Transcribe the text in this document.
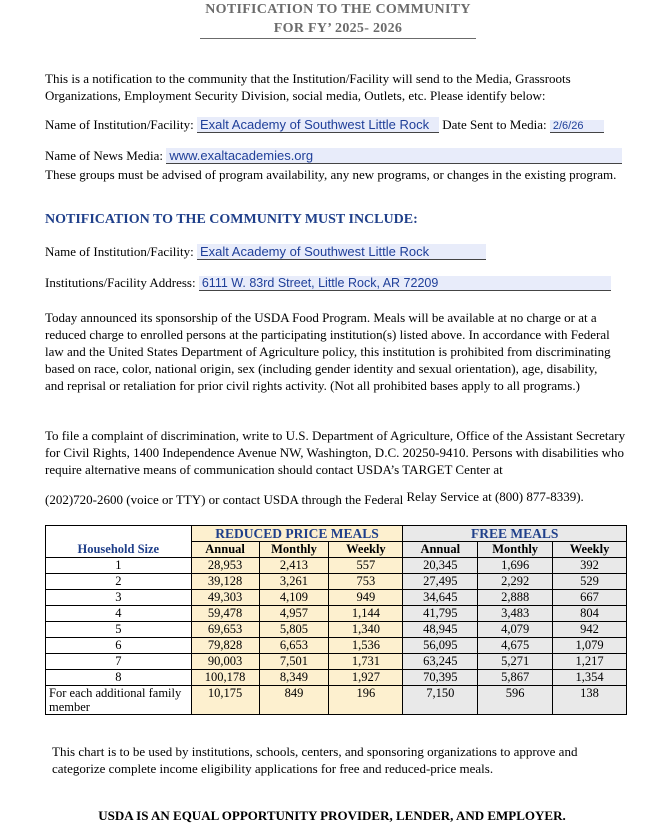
NOTIFICATION TO THE COMMUNITY
FOR FY’ 2025- 2026
This is a notification to the community that the Institution/Facility will send to the Media, Grassroots Organizations, Employment Security Division, social media, Outlets, etc. Please identify below:
Name of Institution/Facility: Exalt Academy of Southwest Little Rock Date Sent to Media: 2/6/26
Name of News Media: www.exaltacademies.org
These groups must be advised of program availability, any new programs, or changes in the existing program.
NOTIFICATION TO THE COMMUNITY MUST INCLUDE:
Name of Institution/Facility: Exalt Academy of Southwest Little Rock
Institutions/Facility Address: 6111 W. 83rd Street, Little Rock, AR 72209
Today announced its sponsorship of the USDA Food Program. Meals will be available at no charge or at a reduced charge to enrolled persons at the participating institution(s) listed above. In accordance with Federal law and the United States Department of Agriculture policy, this institution is prohibited from discriminating based on race, color, national origin, sex (including gender identity and sexual orientation), age, disability, and reprisal or retaliation for prior civil rights activity. (Not all prohibited bases apply to all programs.)
To file a complaint of discrimination, write to U.S. Department of Agriculture, Office of the Assistant Secretary for Civil Rights, 1400 Independence Avenue NW, Washington, D.C. 20250-9410. Persons with disabilities who require alternative means of communication should contact USDA’s TARGET Center at
(202)720-2600 (voice or TTY) or contact USDA through the Federal Relay Service at (800) 877-8339).
Household Size	REDUCED PRICE MEALS			FREE MEALS		
	Annual	Monthly	Weekly	Annual	Monthly	Weekly
1	28,953	2,413	557	20,345	1,696	392
2	39,128	3,261	753	27,495	2,292	529
3	49,303	4,109	949	34,645	2,888	667
4	59,478	4,957	1,144	41,795	3,483	804
5	69,653	5,805	1,340	48,945	4,079	942
6	79,828	6,653	1,536	56,095	4,675	1,079
7	90,003	7,501	1,731	63,245	5,271	1,217
8	100,178	8,349	1,927	70,395	5,867	1,354
For each additional family member	10,175	849	196	7,150	596	138
This chart is to be used by institutions, schools, centers, and sponsoring organizations to approve and categorize complete income eligibility applications for free and reduced-price meals.
USDA IS AN EQUAL OPPORTUNITY PROVIDER, LENDER, AND EMPLOYER.
